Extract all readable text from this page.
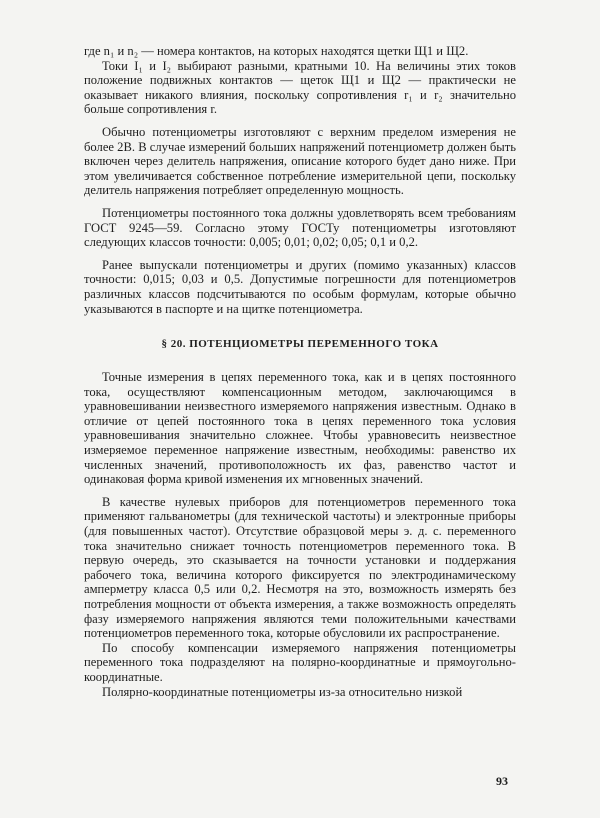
где n₁ и n₂ — номера контактов, на которых находятся щетки Щ1 и Щ2.

Токи I₁ и I₂ выбирают разными, кратными 10. На величины этих токов положение подвижных контактов — щеток Щ1 и Щ2 — практически не оказывает никакого влияния, поскольку сопротивления r₁ и r₂ значительно больше сопротивления r.

Обычно потенциометры изготовляют с верхним пределом измерения не более 2В. В случае измерений больших напряжений потенциометр должен быть включен через делитель напряжения, описание которого будет дано ниже. При этом увеличивается собственное потребление измерительной цепи, поскольку делитель напряжения потребляет определенную мощность.

Потенциометры постоянного тока должны удовлетворять всем требованиям ГОСТ 9245—59. Согласно этому ГОСТу потенциометры изготовляют следующих классов точности: 0,005; 0,01; 0,02; 0,05; 0,1 и 0,2.

Ранее выпускали потенциометры и других (помимо указанных) классов точности: 0,015; 0,03 и 0,5. Допустимые погрешности для потенциометров различных классов подсчитываются по особым формулам, которые обычно указываются в паспорте и на щитке потенциометра.

§ 20. ПОТЕНЦИОМЕТРЫ ПЕРЕМЕННОГО ТОКА

Точные измерения в цепях переменного тока, как и в цепях постоянного тока, осуществляют компенсационным методом, заключающимся в уравновешивании неизвестного измеряемого напряжения известным. Однако в отличие от цепей постоянного тока в цепях переменного тока условия уравновешивания значительно сложнее. Чтобы уравновесить неизвестное измеряемое переменное напряжение известным, необходимы: равенство их численных значений, противоположность их фаз, равенство частот и одинаковая форма кривой изменения их мгновенных значений.

В качестве нулевых приборов для потенциометров переменного тока применяют гальванометры (для технической частоты) и электронные приборы (для повышенных частот). Отсутствие образцовой меры э. д. с. переменного тока значительно снижает точность потенциометров переменного тока. В первую очередь, это сказывается на точности установки и поддержания рабочего тока, величина которого фиксируется по электродинамическому амперметру класса 0,5 или 0,2. Несмотря на это, возможность измерять без потребления мощности от объекта измерения, а также возможность определять фазу измеряемого напряжения являются теми положительными качествами потенциометров переменного тока, которые обусловили их распространение.

По способу компенсации измеряемого напряжения потенциометры переменного тока подразделяют на полярно-координатные и прямоугольно-координатные.

Полярно-координатные потенциометры из-за относительно низкой

93
